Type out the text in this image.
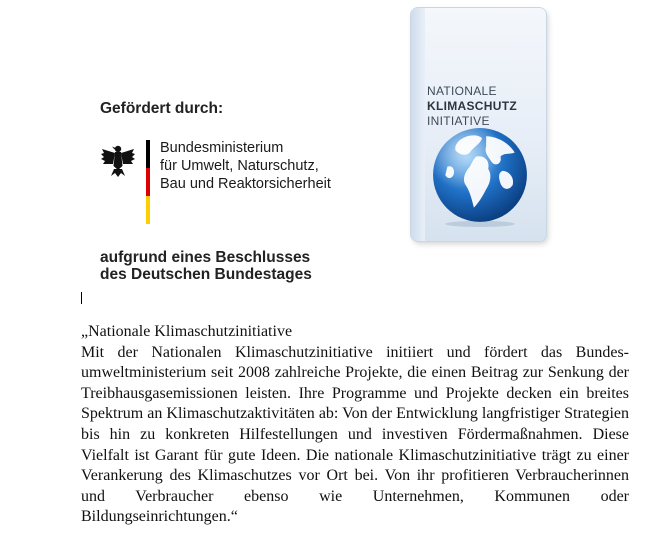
Gefördert durch:
Bundesministerium
für Umwelt, Naturschutz,
Bau und Reaktorsicherheit
aufgrund eines Beschlusses
des Deutschen Bundestages
NATIONALE
KLIMASCHUTZ
INITIATIVE
„Nationale Klimaschutzinitiative
Mit der Nationalen Klimaschutzinitiative initiiert und fördert das Bundes-umweltministerium seit 2008 zahlreiche Projekte, die einen Beitrag zur Senkung der Treibhausgasemissionen leisten. Ihre Programme und Projekte decken ein breites Spektrum an Klimaschutzaktivitäten ab: Von der Entwicklung langfristiger Strategien bis hin zu konkreten Hilfestellungen und investiven Fördermaßnahmen. Diese Vielfalt ist Garant für gute Ideen. Die nationale Klimaschutzinitiative trägt zu einer Verankerung des Klimaschutzes vor Ort bei. Von ihr profitieren Verbraucherinnen und Verbraucher ebenso wie Unternehmen, Kommunen oder Bildungseinrichtungen.“
